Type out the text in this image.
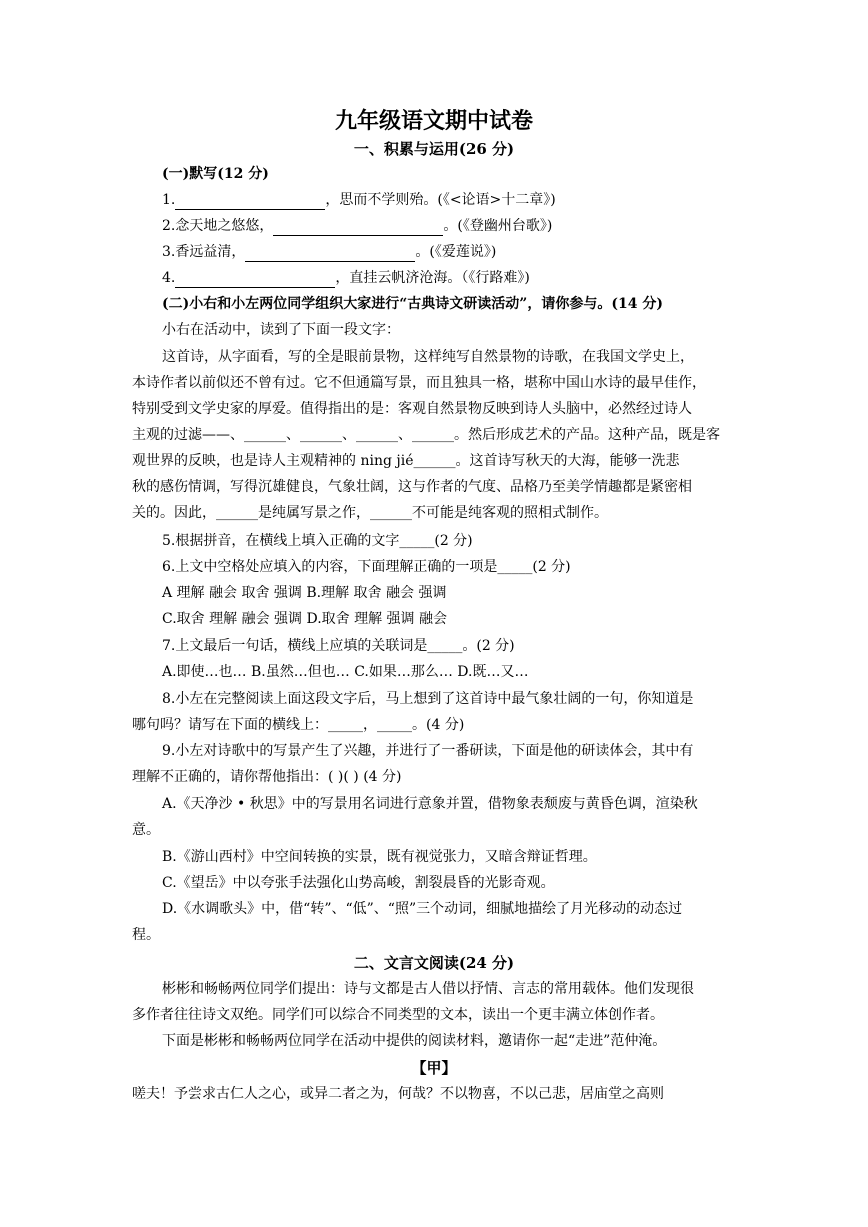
九年级语文期中试卷
一、积累与运用(26 分)
(一)默写(12 分)
1.	，思而不学则殆。(《<论语>十二章》)
2.念天地之悠悠，	。(《登幽州台歌》)
3.香远益清，	。(《爱莲说》)
4.	，直挂云帆济沧海。（《行路难》)
(二)小右和小左两位同学组织大家进行“古典诗文研读活动”，请你参与。(14 分)
小右在活动中，读到了下面一段文字：
这首诗，从字面看，写的全是眼前景物，这样纯写自然景物的诗歌，在我国文学史上，
本诗作者以前似还不曾有过。它不但通篇写景，而且独具一格，堪称中国山水诗的最早佳作，
特别受到文学史家的厚爱。值得指出的是：客观自然景物反映到诗人头脑中，必然经过诗人
主观的过滤——、______、______、______、______。然后形成艺术的产品。这种产品，既是客
观世界的反映，也是诗人主观精神的 ning jié______。这首诗写秋天的大海，能够一洗悲
秋的感伤情调，写得沉雄健良，气象壮阔，这与作者的气度、品格乃至美学情趣都是紧密相
关的。因此，______是纯属写景之作，______不可能是纯客观的照相式制作。
5.根据拼音，在横线上填入正确的文字_____(2 分)
6.上文中空格处应填入的内容，下面理解正确的一项是_____(2 分)
A 理解 融会 取舍 强调 B.理解 取舍 融会 强调
C.取舍 理解 融会 强调 D.取舍 理解 强调 融会
7.上文最后一句话，横线上应填的关联词是_____。(2 分)
A.即使…也… B.虽然…但也… C.如果…那么… D.既…又…
8.小左在完整阅读上面这段文字后，马上想到了这首诗中最气象壮阔的一句，你知道是
哪句吗？请写在下面的横线上：_____，_____。(4 分)
9.小左对诗歌中的写景产生了兴趣，并进行了一番研读，下面是他的研读体会，其中有
理解不正确的，请你帮他指出：( )( ) (4 分)
A.《天净沙 • 秋思》中的写景用名词进行意象并置，借物象表颓废与黄昏色调，渲染秋
意。
B.《游山西村》中空间转换的实景，既有视觉张力，又暗含辩证哲理。
C.《望岳》中以夸张手法强化山势高峻，割裂晨昏的光影奇观。
D.《水调歌头》中，借“转”、“低”、“照”三个动词，细腻地描绘了月光移动的动态过
程。
二、文言文阅读(24 分)
彬彬和畅畅两位同学们提出：诗与文都是古人借以抒情、言志的常用载体。他们发现很
多作者往往诗文双绝。同学们可以综合不同类型的文本，读出一个更丰满立体创作者。
下面是彬彬和畅畅两位同学在活动中提供的阅读材料，邀请你一起“走进”范仲淹。
【甲】
嗟夫！予尝求古仁人之心，或异二者之为，何哉？不以物喜，不以己悲，居庙堂之高则
